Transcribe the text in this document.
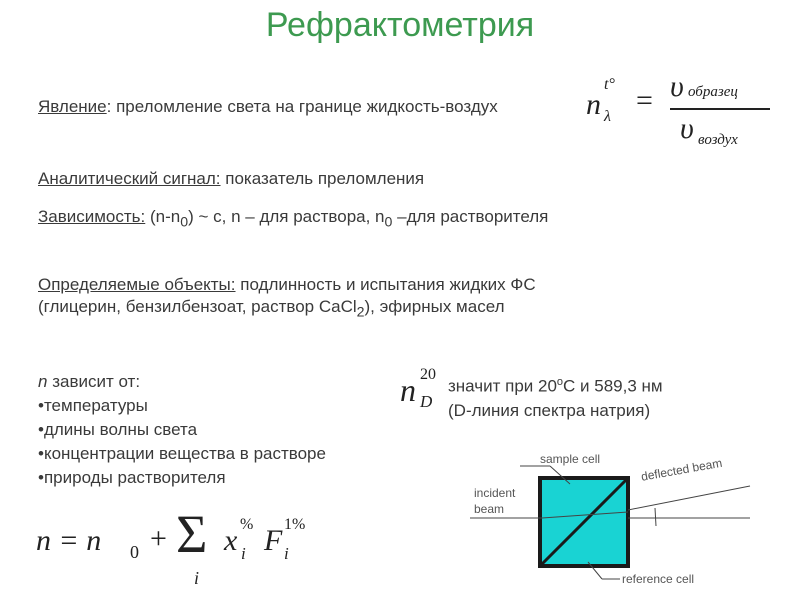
Рефрактометрия
Явление: преломление света на границе жидкость-воздух
Аналитический сигнал: показатель преломления
Зависимость: $(n-n_0)$ ~ c, n – для раствора, $n_0$ –для растворителя
Определяемые объекты: подлинность и испытания жидких ФС (глицерин, бензилбензоат, раствор CaCl$_2$), эфирных масел
n зависит от:
•температуры
•длины волны света
•концентрации вещества в растворе
•природы растворителя
n 20
D
значит при $20^оС$ и 589,3 нм
(D-линия спектра натрия)
n
t°
λ = υ образец
υ воздух
n = n 0 + Σ
i
x %
i F 1%
i
sample cell
incident
beam
deflected beam
reference cell
